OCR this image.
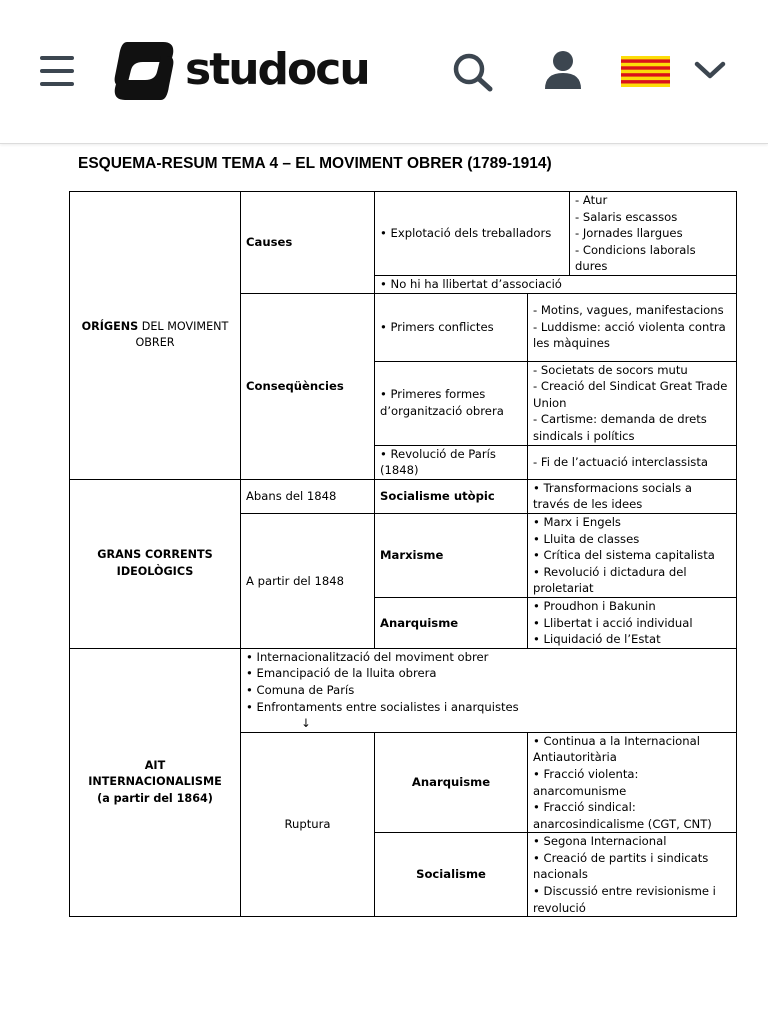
studocu
ESQUEMA-RESUM TEMA 4 – EL MOVIMENT OBRER (1789-1914)
ORÍGENS DEL MOVIMENT OBRER	Causes	• Explotació dels treballadors		- Atur
- Salaris escassos
- Jornades llargues
- Condicions laborals dures

		• No hi ha llibertat d’associació		
	Conseqüències	• Primers conflictes	- Motins, vagues, manifestacions
- Luddisme: acció violenta contra les màquines	

		• Primeres formes d’organització obrera	- Societats de socors mutu
- Creació del Sindicat Great Trade Union
- Cartisme: demanda de drets sindicals i polítics	

		• Revolució de París (1848)	- Fi de l’actuació interclassista	

GRANS CORRENTS IDEOLÒGICS	Abans del 1848	Socialisme utòpic	• Transformacions socials a través de les idees	

	A partir del 1848	Marxisme	• Marx i Engels
• Lluita de classes
• Crítica del sistema capitalista
• Revolució i dictadura del proletariat	

		Anarquisme	• Proudhon i Bakunin
• Llibertat i acció individual
• Liquidació de l’Estat	

AIT
INTERNACIONALISME
(a partir del 1864)	• Internacionalització del moviment obrer
• Emancipació de la lluita obrera
• Comuna de París
• Enfrontaments entre socialistes i anarquistes
↓			

	Ruptura	Anarquisme	• Continua a la Internacional Antiautoritària
• Fracció violenta: anarcomunisme
• Fracció sindical: anarcosindicalisme (CGT, CNT)	

		Socialisme	• Segona Internacional
• Creació de partits i sindicats nacionals
• Discussió entre revisionisme i revolució	
